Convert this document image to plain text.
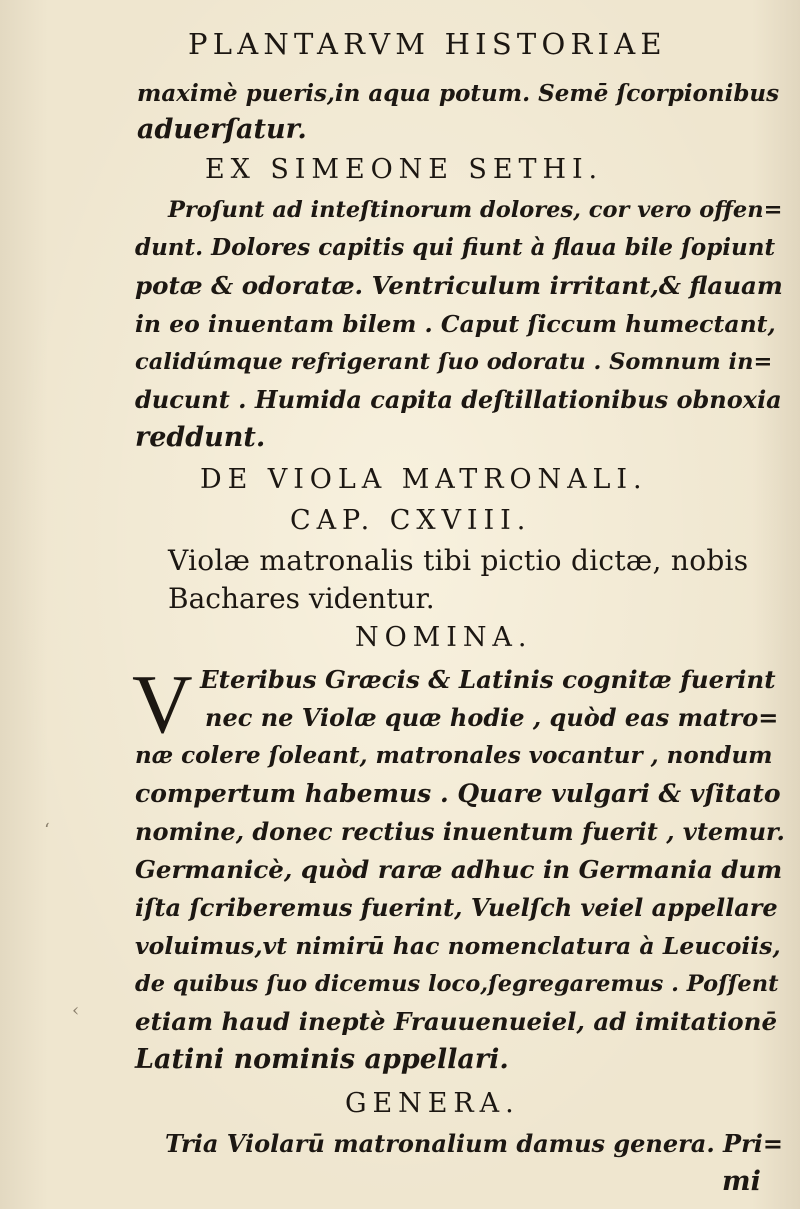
PLANTARVM HISTORIAE
maximè pueris,in aqua potum. Semē ſcorpionibus
aduerſatur.
EX SIMEONE SETHI.
Proſunt ad inteſtinorum dolores, cor vero offen=
dunt. Dolores capitis qui fiunt à flaua bile ſopiunt
potæ & odoratæ. Ventriculum irritant,& flauam
in eo inuentam bilem . Caput ſiccum humectant,
calidúmque refrigerant ſuo odoratu . Somnum in=
ducunt . Humida capita deſtillationibus obnoxia
reddunt.
DE VIOLA MATRONALI.
CAP. CXVIII.
Violæ matronalis tibi pictio dictæ, nobis
Bachares videntur.
NOMINA.
V Eteribus Græcis & Latinis cognitæ fuerint
nec ne Violæ quæ hodie , quòd eas matro=
næ colere ſoleant, matronales vocantur , nondum
compertum habemus . Quare vulgari & vſitato
nomine, donec rectius inuentum fuerit , vtemur.
Germanicè, quòd raræ adhuc in Germania dum
iſta ſcriberemus fuerint, Vuelſch veiel appellare
voluimus,vt nimirū hac nomenclatura à Leucoiis,
de quibus ſuo dicemus loco,ſegregaremus . Poſſent
etiam haud ineptè Frauuenueiel, ad imitationē
Latini nominis appellari.
GENERA.
Tria Violarū matronalium damus genera. Pri=
mi
‘
‹
